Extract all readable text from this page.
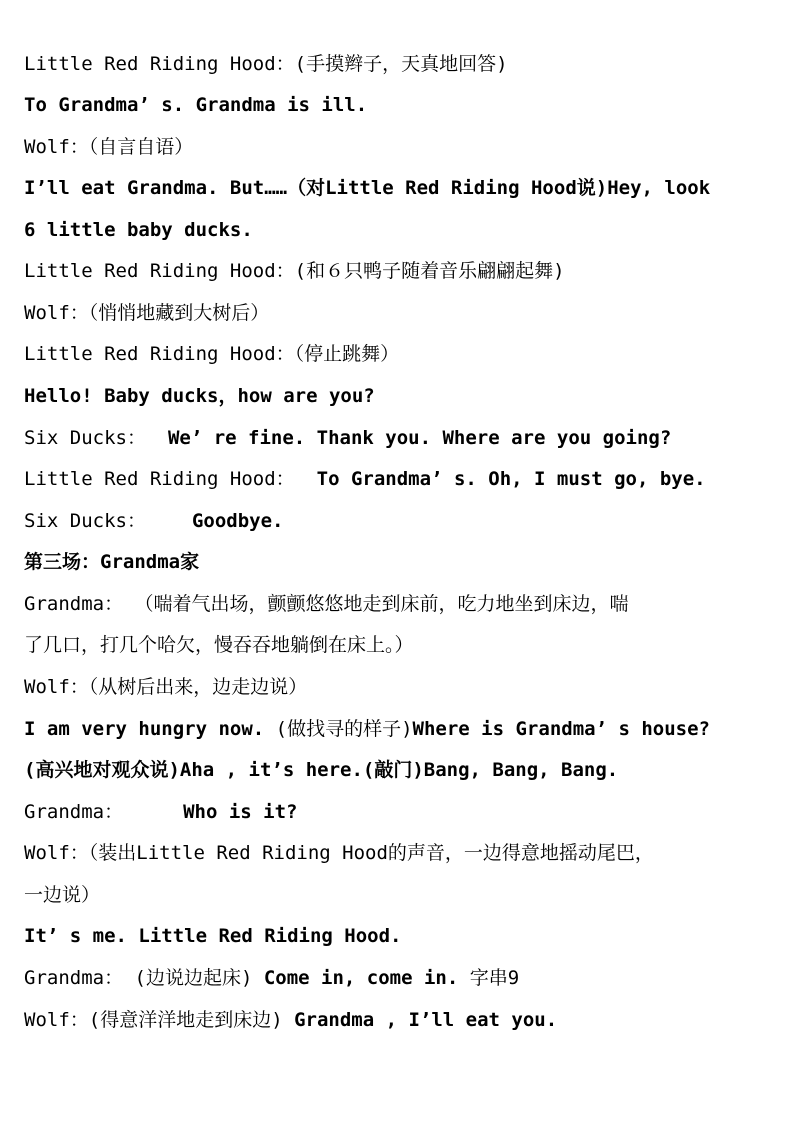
Little Red Riding Hood：(手摸辫子，天真地回答)
To Grandma’ s. Grandma is ill.
Wolf：（自言自语）
I’ll eat Grandma. But……（对Little Red Riding Hood说)Hey, look
6 little baby ducks.
Little Red Riding Hood：(和６只鸭子随着音乐翩翩起舞)
Wolf：（悄悄地藏到大树后）
Little Red Riding Hood：（停止跳舞）
Hello! Baby ducks，how are you?
Six Ducks： We’ re fine. Thank you. Where are you going?
Little Red Riding Hood： To Grandma’ s. Oh, I must go, bye.
Six Ducks： Goodbye.
第三场：Grandma家
Grandma： （喘着气出场，颤颤悠悠地走到床前，吃力地坐到床边，喘
了几口，打几个哈欠，慢吞吞地躺倒在床上。）
Wolf：（从树后出来，边走边说）
I am very hungry now. (做找寻的样子)Where is Grandma’ s house?
(高兴地对观众说)Aha , it’s here.(敲门)Bang, Bang, Bang.
Grandma：	Who is it?
Wolf：（装出Little Red Riding Hood的声音，一边得意地摇动尾巴，
一边说）
It’ s me. Little Red Riding Hood.
Grandma： (边说边起床) Come in, come in. 字串9
Wolf：(得意洋洋地走到床边) Grandma , I’ll eat you.
